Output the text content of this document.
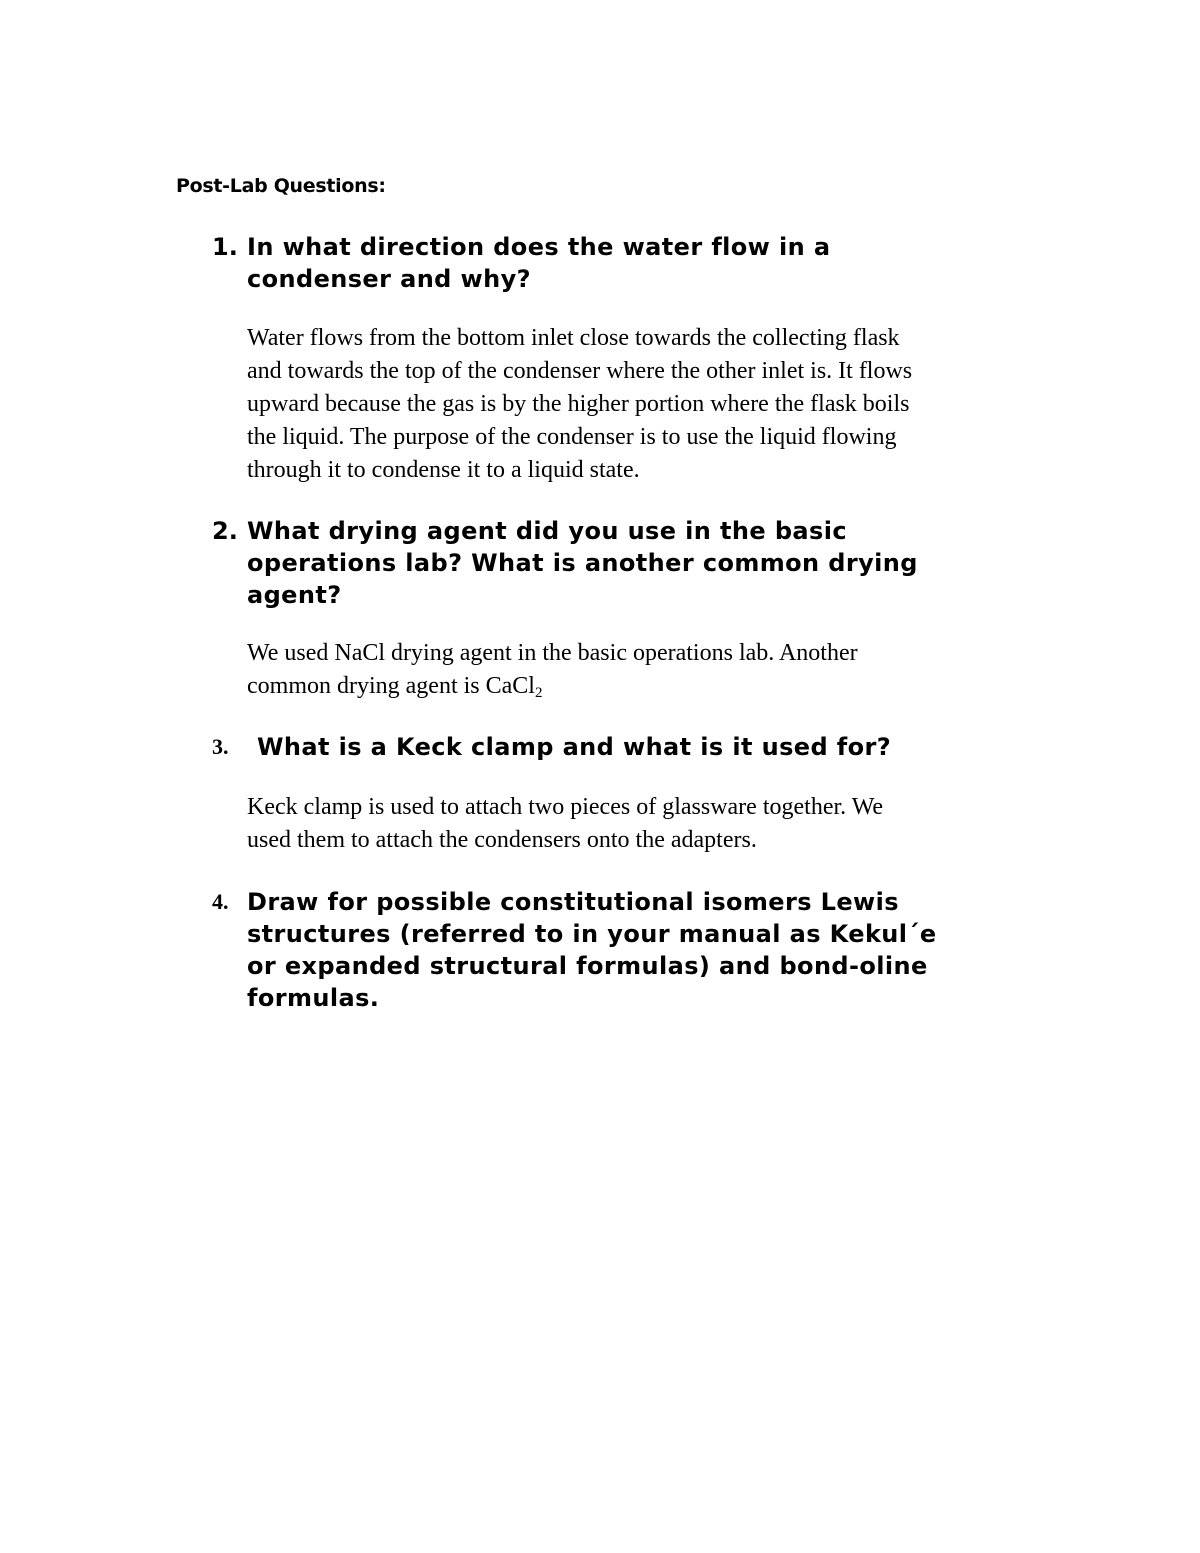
Post-Lab Questions:
1. In what direction does the water flow in a
condenser and why?
Water flows from the bottom inlet close towards the collecting flask
and towards the top of the condenser where the other inlet is. It flows
upward because the gas is by the higher portion where the flask boils
the liquid. The purpose of the condenser is to use the liquid flowing
through it to condense it to a liquid state.
2. What drying agent did you use in the basic
operations lab? What is another common drying
agent?
We used NaCl drying agent in the basic operations lab. Another
common drying agent is CaCl$_2$
3. What is a Keck clamp and what is it used for?
Keck clamp is used to attach two pieces of glassware together. We
used them to attach the condensers onto the adapters.
4. Draw for possible constitutional isomers Lewis
structures (referred to in your manual as Kekul´e
or expanded structural formulas) and bond-oline
formulas.
